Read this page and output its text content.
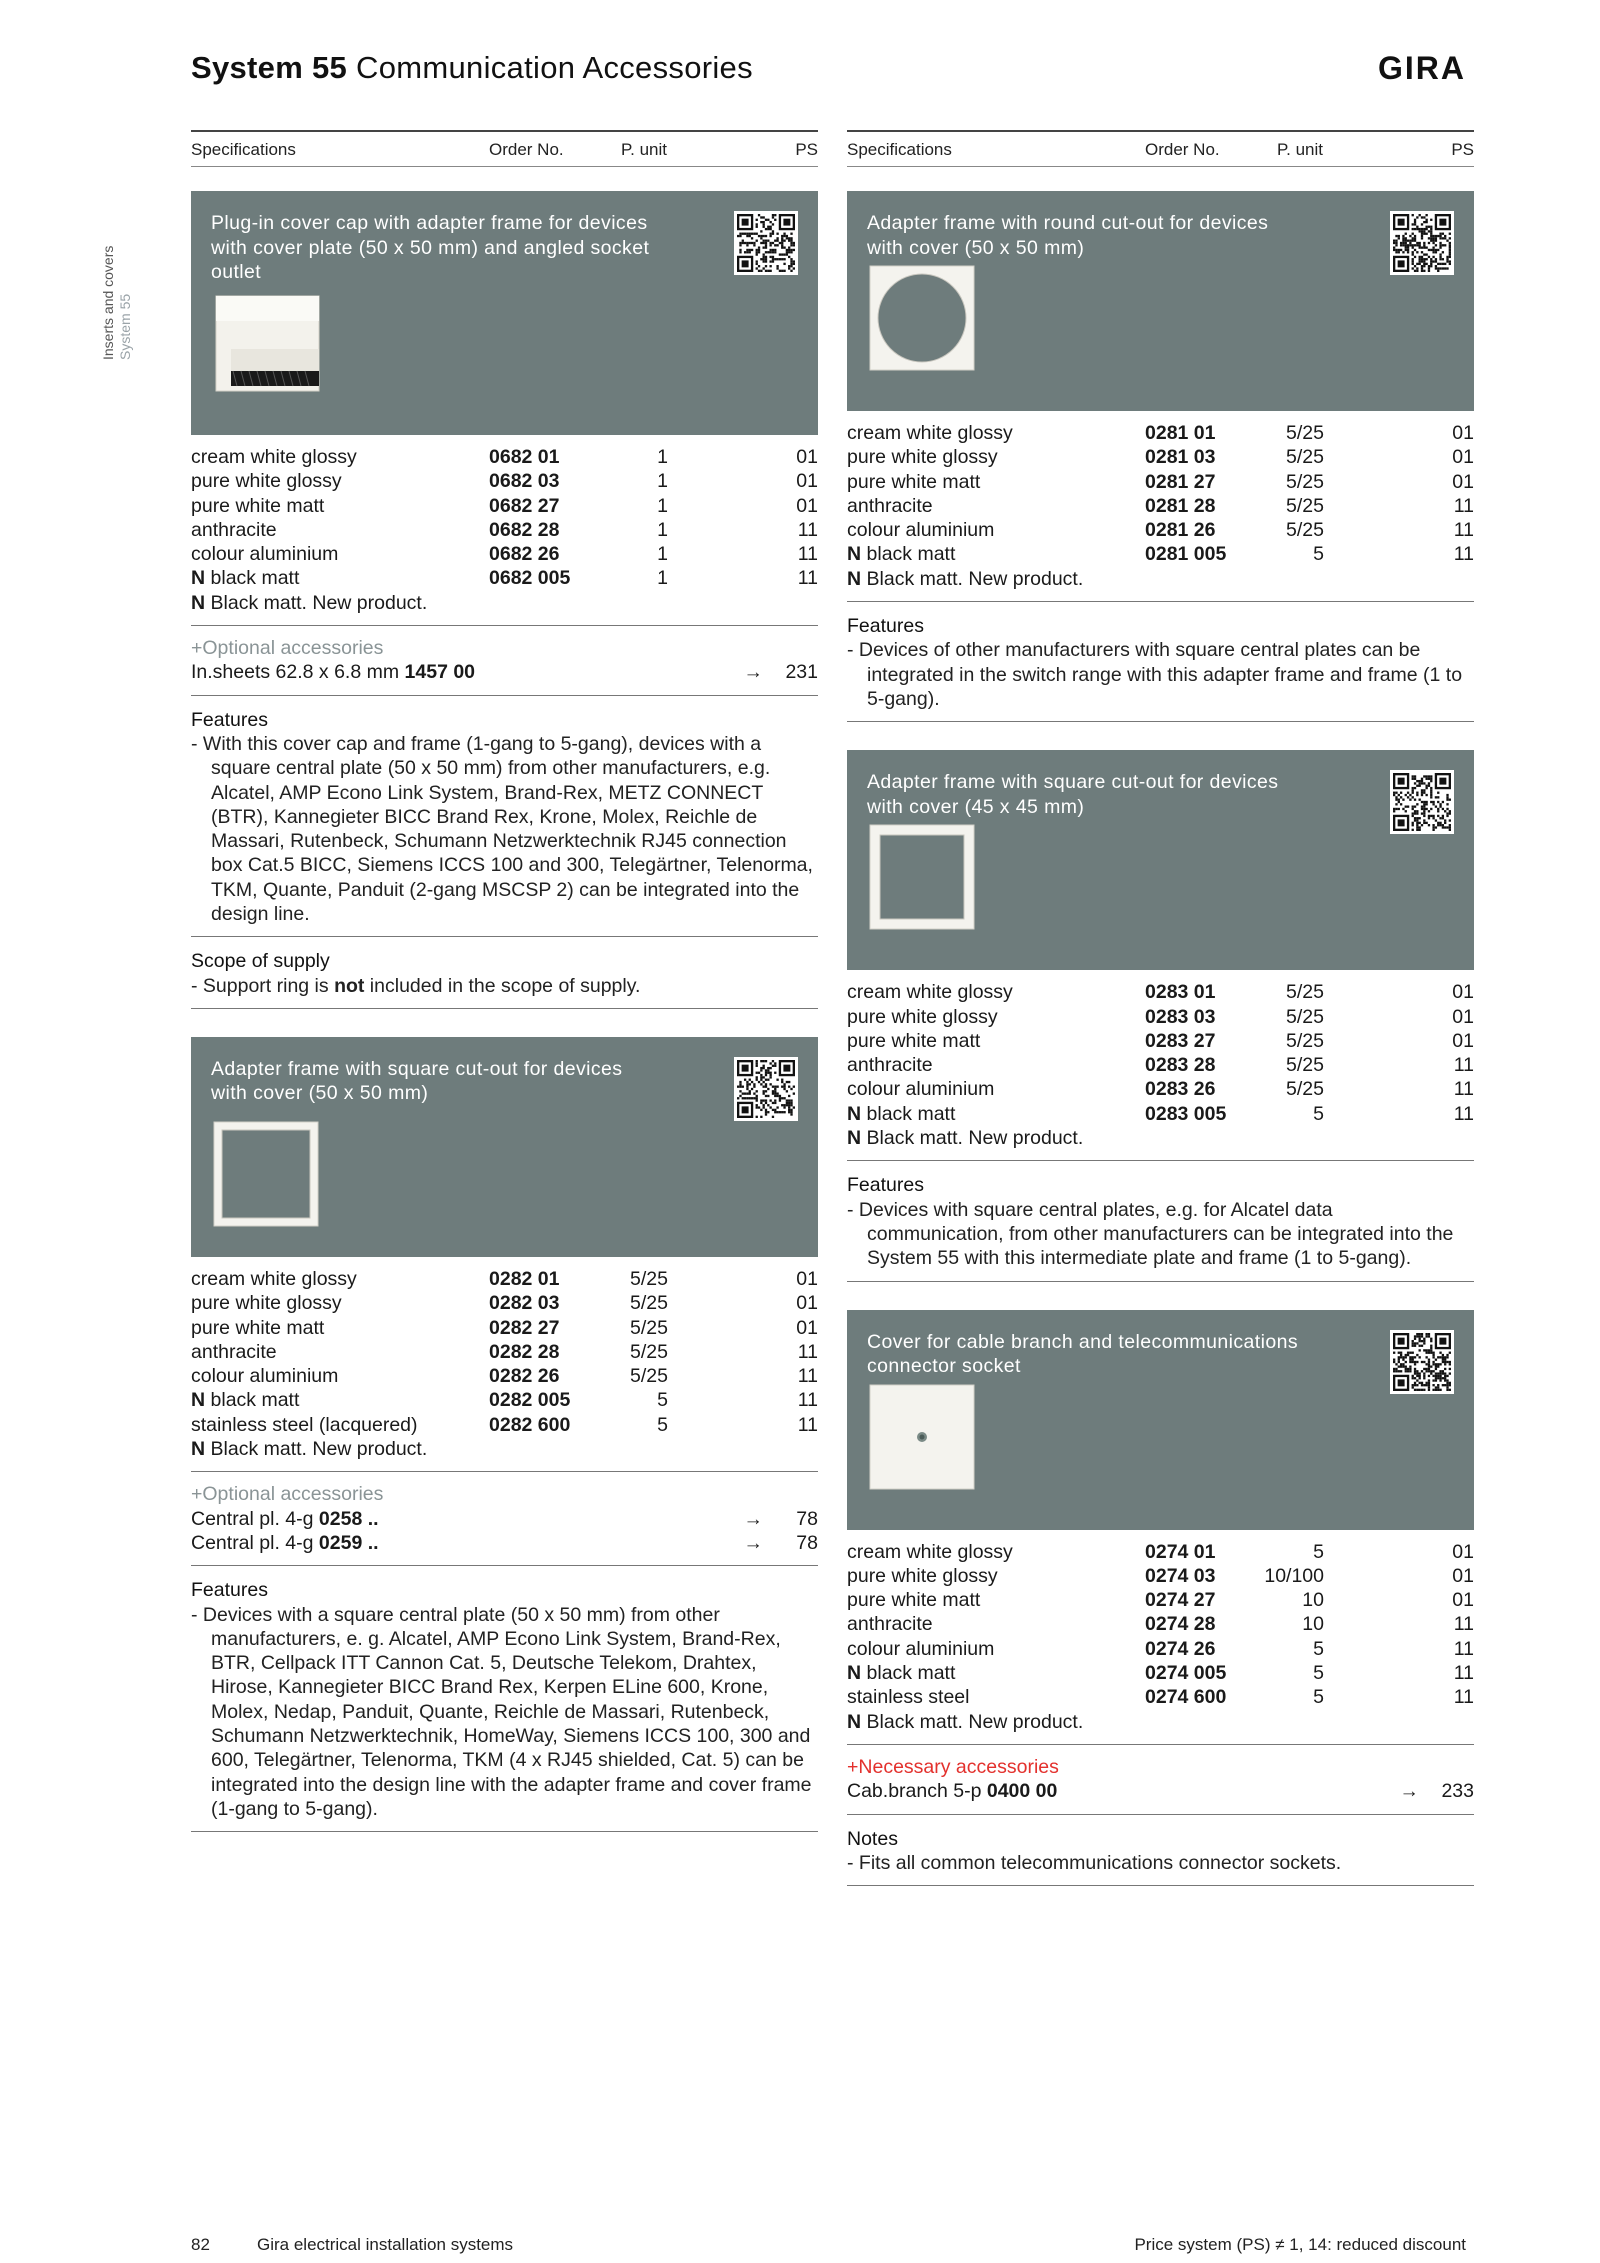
System 55 Communication Accessories	GIRA
Inserts and covers System 55
Specifications	Order No.	P. unit	PS
Plug-in cover cap with adapter frame for devices with cover plate (50 x 50 mm) and angled socket outlet
cream white glossy	0682 01	1	01
pure white glossy	0682 03	1	01
pure white matt	0682 27	1	01
anthracite	0682 28	1	11
colour aluminium	0682 26	1	11
N black matt	0682 005	1	11
N Black matt. New product.
+Optional accessories
In.sheets 62.8 x 6.8 mm 1457 00	→ 231
Features
- With this cover cap and frame (1-gang to 5-gang), devices with a square central plate (50 x 50 mm) from other manufacturers, e.g. Alcatel, AMP Econo Link System, Brand-Rex, METZ CONNECT (BTR), Kannegieter BICC Brand Rex, Krone, Molex, Reichle de Massari, Rutenbeck, Schumann Netzwerktechnik RJ45 connection box Cat.5 BICC, Siemens ICCS 100 and 300, Telegärtner, Telenorma, TKM, Quante, Panduit (2-gang MSCSP 2) can be integrated into the design line.
Scope of supply
- Support ring is not included in the scope of supply.
Adapter frame with square cut-out for devices with cover (50 x 50 mm)
cream white glossy	0282 01	5/25	01
pure white glossy	0282 03	5/25	01
pure white matt	0282 27	5/25	01
anthracite	0282 28	5/25	11
colour aluminium	0282 26	5/25	11
N black matt	0282 005	5	11
stainless steel (lacquered)	0282 600	5	11
N Black matt. New product.
+Optional accessories
Central pl. 4-g 0258 ..	→ 78
Central pl. 4-g 0259 ..	→ 78
Features
- Devices with a square central plate (50 x 50 mm) from other manufacturers, e. g. Alcatel, AMP Econo Link System, Brand-Rex, BTR, Cellpack ITT Cannon Cat. 5, Deutsche Telekom, Drahtex, Hirose, Kannegieter BICC Brand Rex, Kerpen ELine 600, Krone, Molex, Nedap, Panduit, Quante, Reichle de Massari, Rutenbeck, Schumann Netzwerktechnik, HomeWay, Siemens ICCS 100, 300 and 600, Telegärtner, Telenorma, TKM (4 x RJ45 shielded, Cat. 5) can be integrated into the design line with the adapter frame and cover frame (1-gang to 5-gang).
Specifications	Order No.	P. unit	PS
Adapter frame with round cut-out for devices with cover (50 x 50 mm)
cream white glossy	0281 01	5/25	01
pure white glossy	0281 03	5/25	01
pure white matt	0281 27	5/25	01
anthracite	0281 28	5/25	11
colour aluminium	0281 26	5/25	11
N black matt	0281 005	5	11
N Black matt. New product.
Features
- Devices of other manufacturers with square central plates can be integrated in the switch range with this adapter frame and frame (1 to 5-gang).
Adapter frame with square cut-out for devices with cover (45 x 45 mm)
cream white glossy	0283 01	5/25	01
pure white glossy	0283 03	5/25	01
pure white matt	0283 27	5/25	01
anthracite	0283 28	5/25	11
colour aluminium	0283 26	5/25	11
N black matt	0283 005	5	11
N Black matt. New product.
Features
- Devices with square central plates, e.g. for Alcatel data communication, from other manufacturers can be integrated into the System 55 with this intermediate plate and frame (1 to 5-gang).
Cover for cable branch and telecommunications connector socket
cream white glossy	0274 01	5	01
pure white glossy	0274 03	10/100	01
pure white matt	0274 27	10	01
anthracite	0274 28	10	11
colour aluminium	0274 26	5	11
N black matt	0274 005	5	11
stainless steel	0274 600	5	11
N Black matt. New product.
+Necessary accessories
Cab.branch 5-p 0400 00	→ 233
Notes
- Fits all common telecommunications connector sockets.
82	Gira electrical installation systems	Price system (PS) ≠ 1, 14: reduced discount
